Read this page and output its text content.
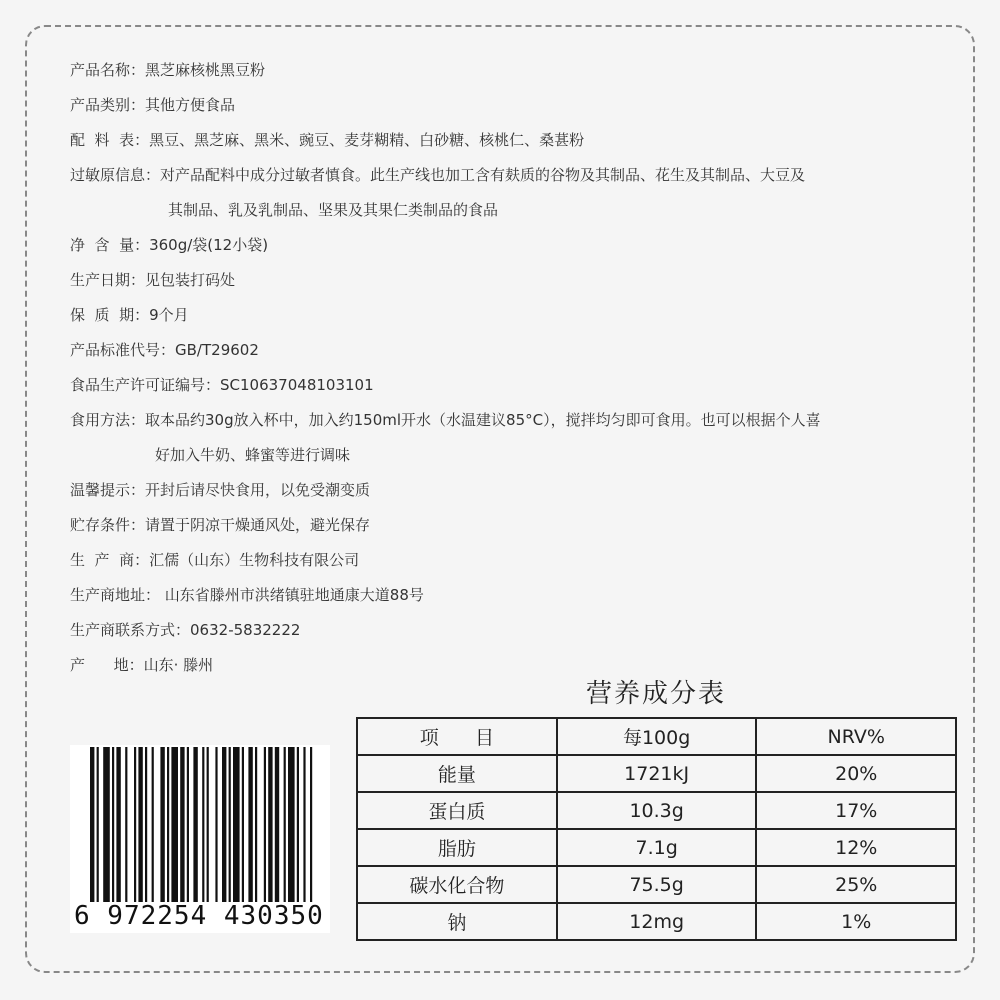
产品名称：黑芝麻核桃黑豆粉
产品类别：其他方便食品
配  料  表：黑豆、黑芝麻、黑米、豌豆、麦芽糊精、白砂糖、核桃仁、桑葚粉
过敏原信息：对产品配料中成分过敏者慎食。此生产线也加工含有麸质的谷物及其制品、花生及其制品、大豆及
其制品、乳及乳制品、坚果及其果仁类制品的食品
净  含  量：360g/袋(12小袋)
生产日期：见包装打码处
保  质  期：9个月
产品标准代号：GB/T29602
食品生产许可证编号：SC10637048103101
食用方法：取本品约30g放入杯中，加入约150ml开水（水温建议85°C），搅拌均匀即可食用。也可以根据个人喜
好加入牛奶、蜂蜜等进行调味
温馨提示：开封后请尽快食用，以免受潮变质
贮存条件：请置于阴凉干燥通风处，避光保存
生  产  商：汇儒（山东）生物科技有限公司
生产商地址： 山东省滕州市洪绪镇驻地通康大道88号
生产商联系方式：0632-5832222
产      地：山东· 滕州
营养成分表
项      目	每100g	NRV%
能量	1721kJ	20%
蛋白质	10.3g	17%
脂肪	7.1g	12%
碳水化合物	75.5g	25%
钠	12mg	1%
6 972254 430350
